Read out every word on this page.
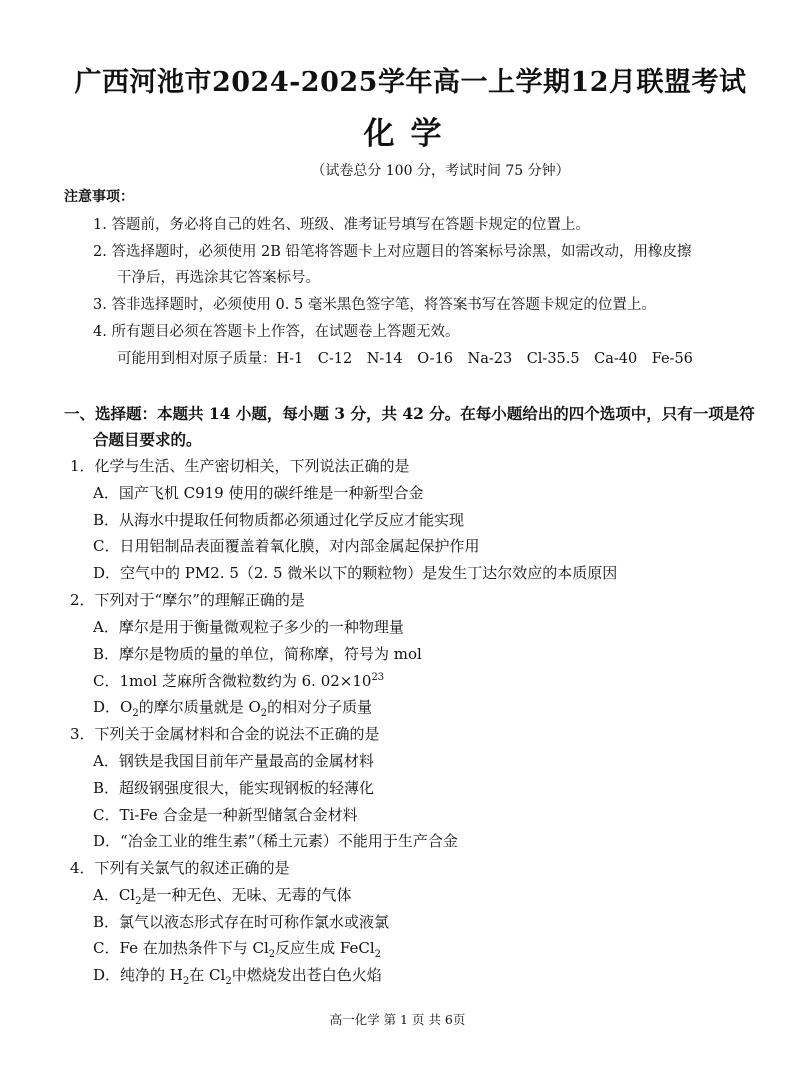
广西河池市2024-2025学年高一上学期12月联盟考试
化学
（试卷总分 100 分，考试时间 75 分钟）
注意事项：
1. 答题前，务必将自己的姓名、班级、准考证号填写在答题卡规定的位置上。
2. 答选择题时，必须使用 2B 铅笔将答题卡上对应题目的答案标号涂黑，如需改动，用橡皮擦
干净后，再选涂其它答案标号。
3. 答非选择题时，必须使用 0. 5 毫米黑色签字笔，将答案书写在答题卡规定的位置上。
4. 所有题目必须在答题卡上作答，在试题卷上答题无效。
可能用到相对原子质量：H-1　C-12　N-14　O-16　Na-23　Cl-35.5　Ca-40　Fe-56
一、选择题：本题共 14 小题，每小题 3 分，共 42 分。在每小题给出的四个选项中，只有一项是符
合题目要求的。
1．化学与生活、生产密切相关，下列说法正确的是
A．国产飞机 C919 使用的碳纤维是一种新型合金
B．从海水中提取任何物质都必须通过化学反应才能实现
C．日用铝制品表面覆盖着氧化膜，对内部金属起保护作用
D．空气中的 PM2. 5（2. 5 微米以下的颗粒物）是发生丁达尔效应的本质原因
2．下列对于“摩尔”的理解正确的是
A．摩尔是用于衡量微观粒子多少的一种物理量
B．摩尔是物质的量的单位，简称摩，符号为 mol
C．1mol 芝麻所含微粒数约为 6. $02\times 10^{23}$
D．$O_2$的摩尔质量就是 $O_2$的相对分子质量
3．下列关于金属材料和合金的说法不正确的是
A．钢铁是我国目前年产量最高的金属材料
B．超级钢强度很大，能实现钢板的轻薄化
C．Ti-Fe 合金是一种新型储氢合金材料
D．“冶金工业的维生素”（稀土元素）不能用于生产合金
4．下列有关氯气的叙述正确的是
A．$Cl_2$是一种无色、无味、无毒的气体
B．氯气以液态形式存在时可称作氯水或液氯
C．Fe 在加热条件下与 $Cl_2$反应生成 FeCl$_2$
D．纯净的 $H_2$在 $Cl_2$中燃烧发出苍白色火焰
高一化学 第 1 页 共 6页
